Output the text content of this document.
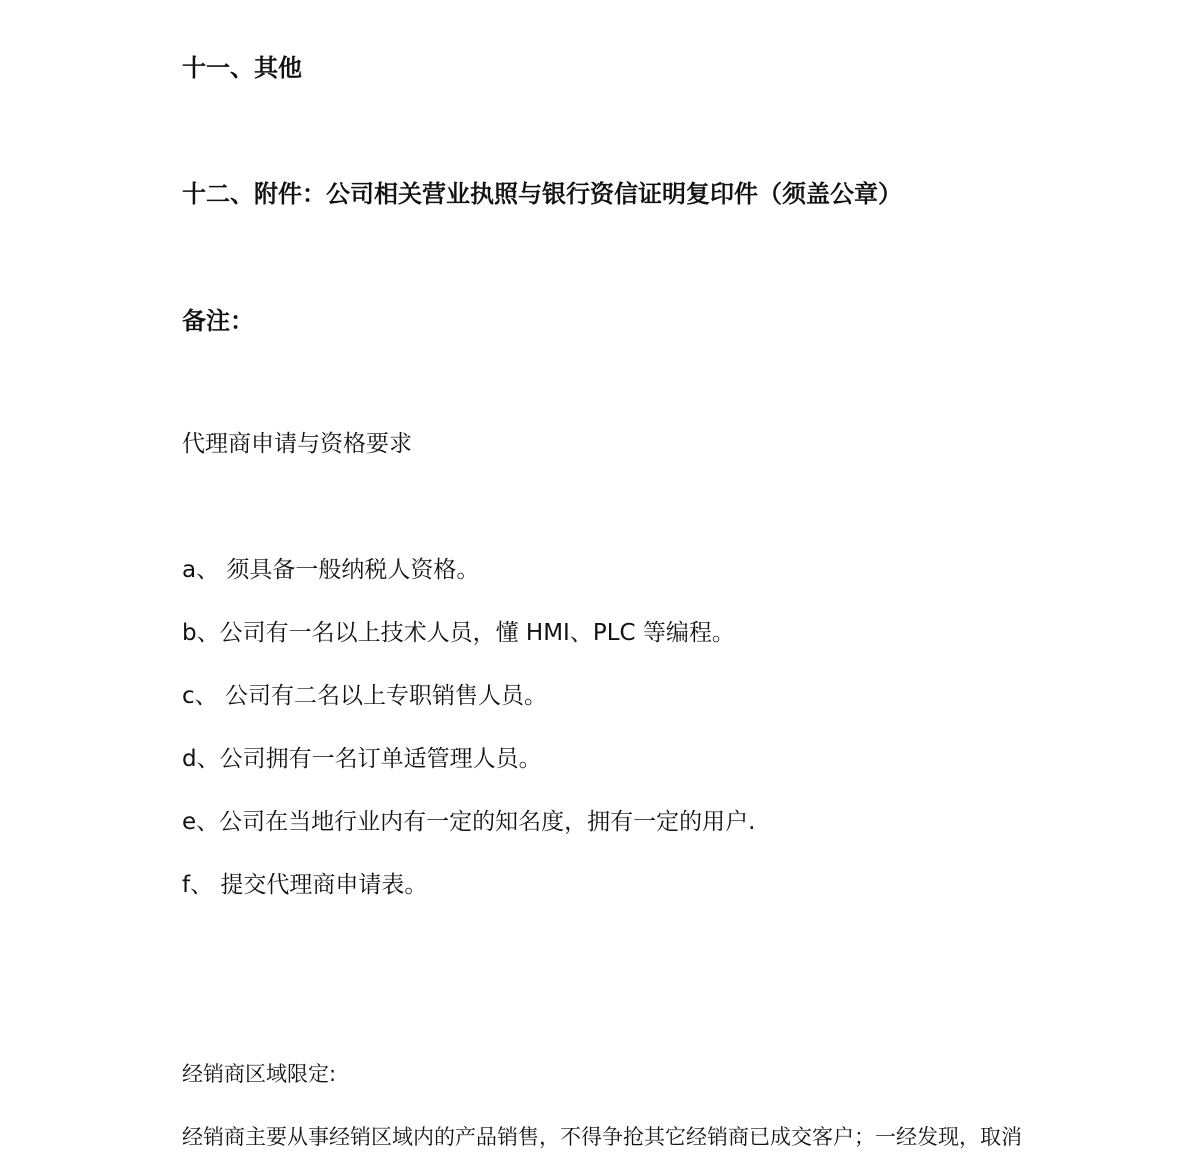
十一、其他
十二、附件：公司相关营业执照与银行资信证明复印件（须盖公章）
备注：
代理商申请与资格要求
a、 须具备一般纳税人资格。
b、公司有一名以上技术人员，懂 HMI、PLC 等编程。
c、 公司有二名以上专职销售人员。
d、公司拥有一名订单适管理人员。
e、公司在当地行业内有一定的知名度，拥有一定的用户.
f、 提交代理商申请表。
经销商区域限定:
经销商主要从事经销区域内的产品销售，不得争抢其它经销商已成交客户；一经发现，取消
